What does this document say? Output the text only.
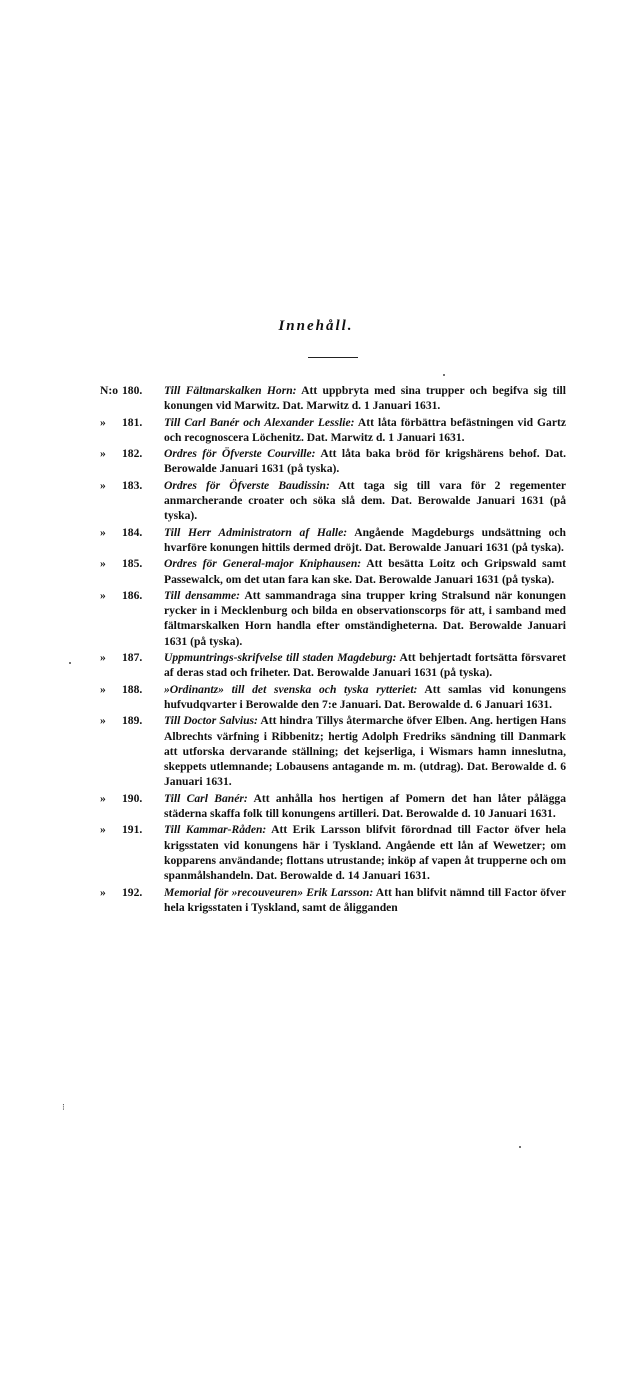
Innehåll.
N:o 180.	Till Fältmarskalken Horn: Att uppbryta med sina trupper och begifva sig till konungen vid Marwitz. Dat. Marwitz d. 1 Januari 1631.
»	181.	Till Carl Banér och Alexander Lesslie: Att låta förbättra befästningen vid Gartz och recognoscera Löchenitz. Dat. Marwitz d. 1 Januari 1631.
»	182.	Ordres för Öfverste Courville: Att låta baka bröd för krigshärens behof. Dat. Berowalde Januari 1631 (på tyska).
»	183.	Ordres för Öfverste Baudissin: Att taga sig till vara för 2 regementer anmarcherande croater och söka slå dem. Dat. Berowalde Januari 1631 (på tyska).
»	184.	Till Herr Administratorn af Halle: Angående Magdeburgs undsättning och hvarföre konungen hittils dermed dröjt. Dat. Berowalde Januari 1631 (på tyska).
»	185.	Ordres för General-major Kniphausen: Att besätta Loitz och Gripswald samt Passewalck, om det utan fara kan ske. Dat. Berowalde Januari 1631 (på tyska).
»	186.	Till densamme: Att sammandraga sina trupper kring Stralsund när konungen rycker in i Mecklenburg och bilda en observationscorps för att, i samband med fältmarskalken Horn handla efter omständigheterna. Dat. Berowalde Januari 1631 (på tyska).
»	187.	Uppmuntrings-skrifvelse till staden Magdeburg: Att behjertadt fortsätta försvaret af deras stad och friheter. Dat. Berowalde Januari 1631 (på tyska).
»	188.	»Ordinantz» till det svenska och tyska rytteriet: Att samlas vid konungens hufvudqvarter i Berowalde den 7:e Januari. Dat. Berowalde d. 6 Januari 1631.
»	189.	Till Doctor Salvius: Att hindra Tillys återmarche öfver Elben. Ang. hertigen Hans Albrechts värfning i Ribbenitz; hertig Adolph Fredriks sändning till Danmark att utforska dervarande ställning; det kejserliga, i Wismars hamn inneslutna, skeppets utlemnande; Lobausens antagande m. m. (utdrag). Dat. Berowalde d. 6 Januari 1631.
»	190.	Till Carl Banér: Att anhålla hos hertigen af Pomern det han låter pålägga städerna skaffa folk till konungens artilleri. Dat. Berowalde d. 10 Januari 1631.
»	191.	Till Kammar-Råden: Att Erik Larsson blifvit förordnad till Factor öfver hela krigsstaten vid konungens här i Tyskland. Angående ett lån af Wewetzer; om kopparens användande; flottans utrustande; inköp af vapen åt trupperne och om spanmålshandeln. Dat. Berowalde d. 14 Januari 1631.
»	192.	Memorial för »recouveuren» Erik Larsson: Att han blifvit nämnd till Factor öfver hela krigsstaten i Tyskland, samt de åligganden
⁝
